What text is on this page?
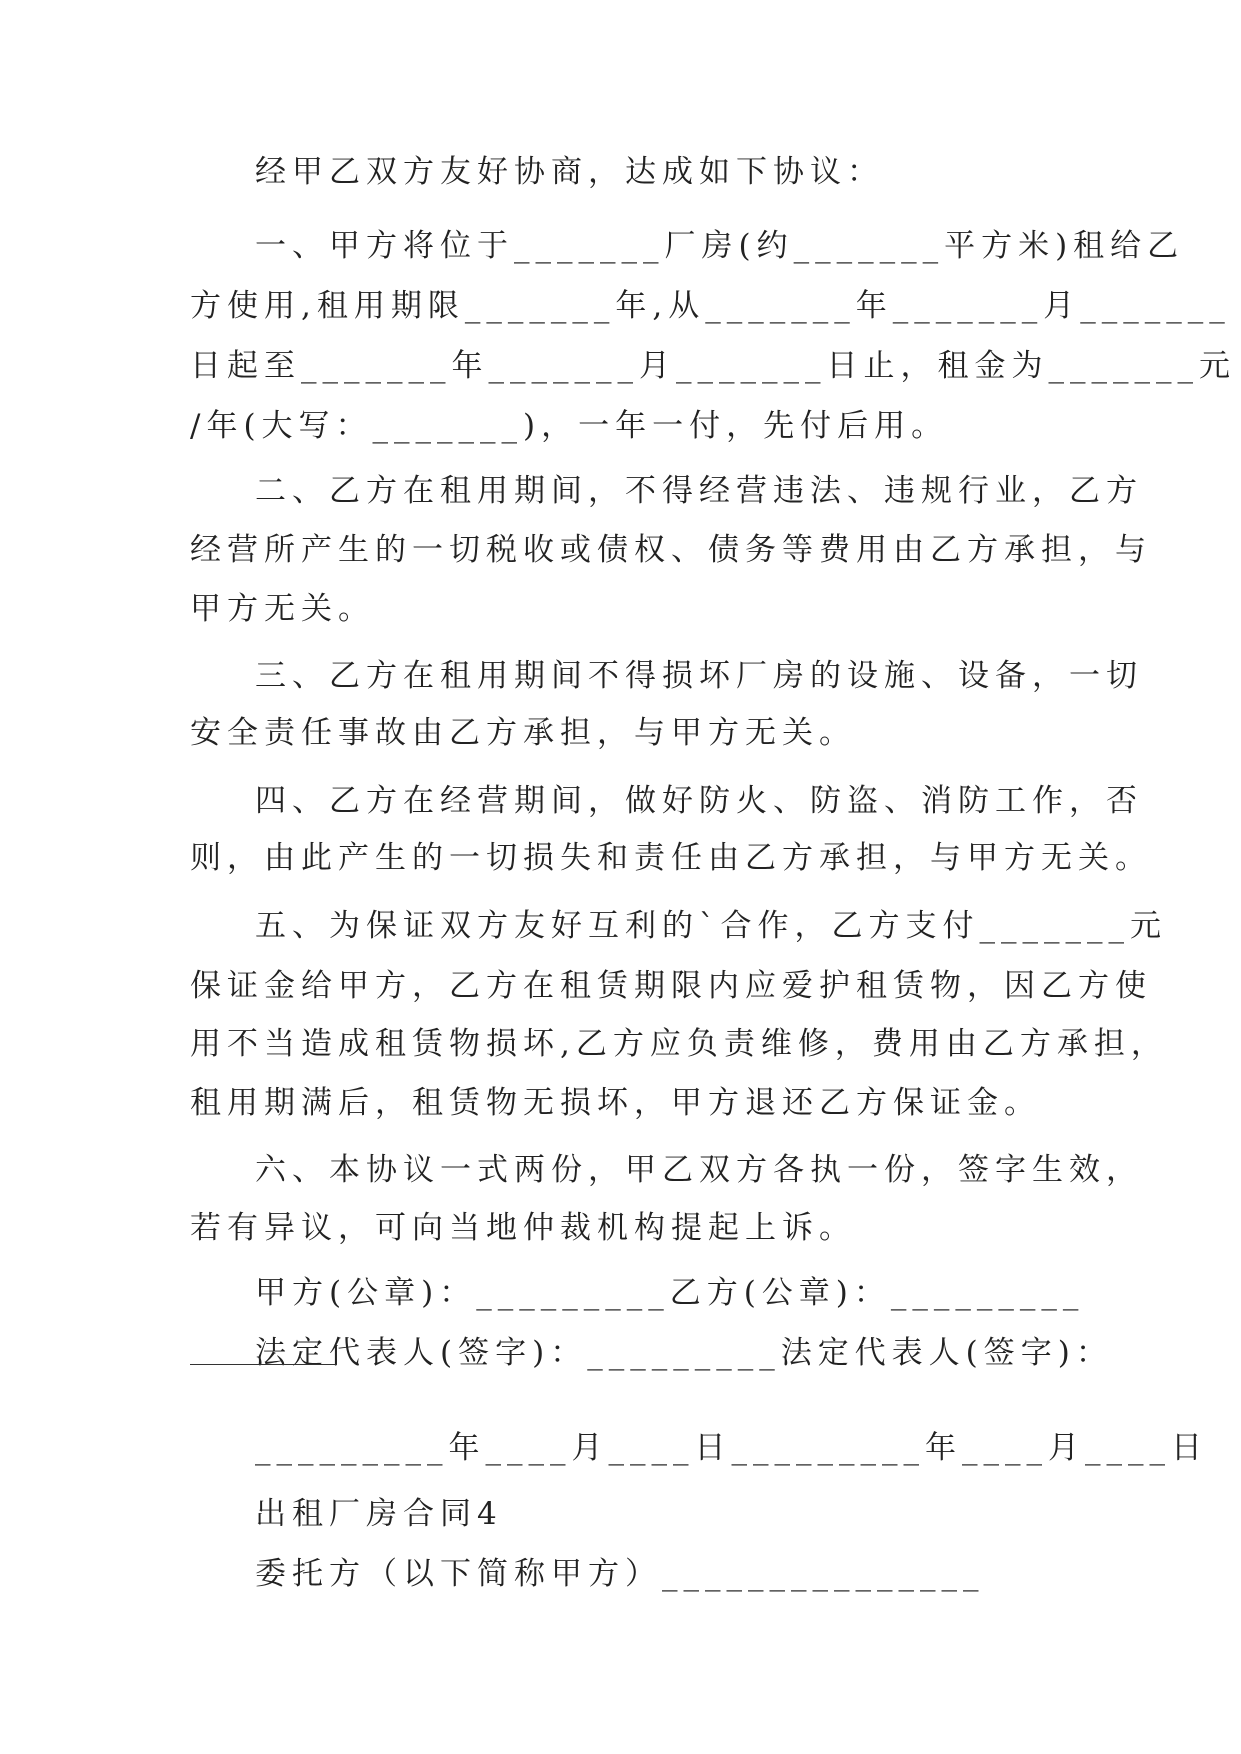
经甲乙双方友好协商，达成如下协议：
一、甲方将位于_______厂房(约_______平方米)租给乙
方使用,租用期限_______年,从_______年_______月_______
日起至_______年_______月_______日止，租金为_______元
/年(大写：_______)，一年一付，先付后用。
二、乙方在租用期间，不得经营违法、违规行业，乙方
经营所产生的一切税收或债权、债务等费用由乙方承担，与
甲方无关。
三、乙方在租用期间不得损坏厂房的设施、设备，一切
安全责任事故由乙方承担，与甲方无关。
四、乙方在经营期间，做好防火、防盗、消防工作，否
则，由此产生的一切损失和责任由乙方承担，与甲方无关。
五、为保证双方友好互利的`合作，乙方支付_______元
保证金给甲方，乙方在租赁期限内应爱护租赁物，因乙方使
用不当造成租赁物损坏,乙方应负责维修，费用由乙方承担，
租用期满后，租赁物无损坏，甲方退还乙方保证金。
六、本协议一式两份，甲乙双方各执一份，签字生效，
若有异议，可向当地仲裁机构提起上诉。
甲方(公章)：_________乙方(公章)：_________
法定代表人(签字)：_________法定代表人(签字)：
_________年____月____日_________年____月____日
出租厂房合同4
委托方（以下简称甲方）_______________
